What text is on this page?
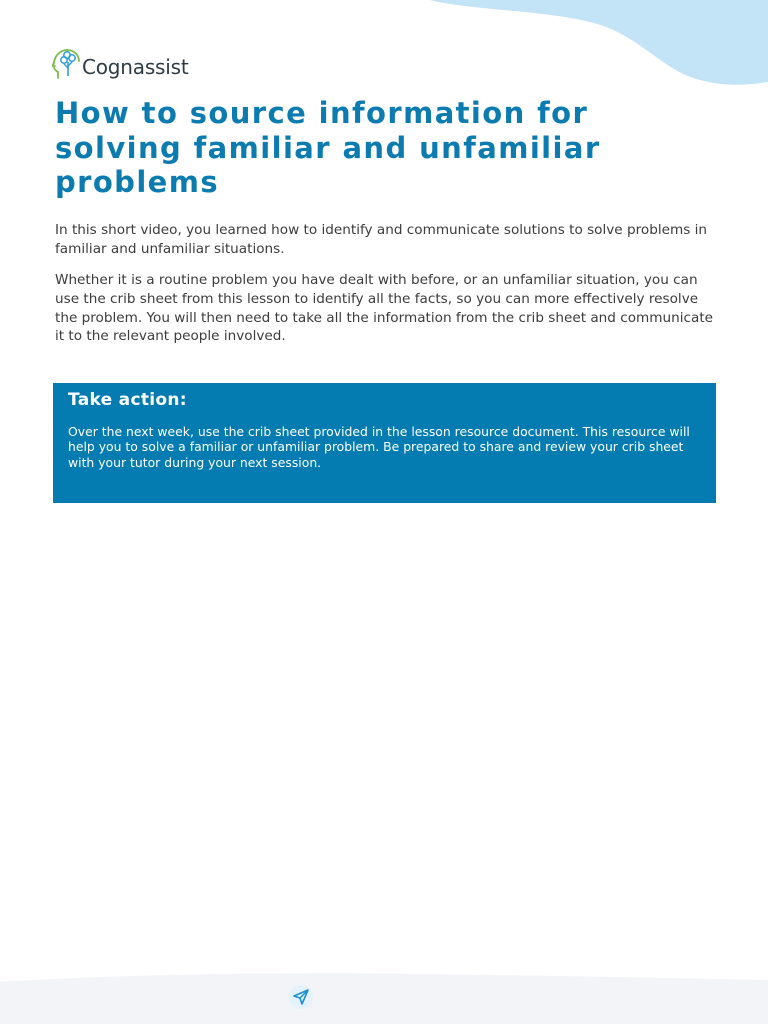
Cognassist
How to source information for solving familiar and unfamiliar problems

In this short video, you learned how to identify and communicate solutions to solve problems in familiar and unfamiliar situations.

Whether it is a routine problem you have dealt with before, or an unfamiliar situation, you can use the crib sheet from this lesson to identify all the facts, so you can more effectively resolve the problem. You will then need to take all the information from the crib sheet and communicate it to the relevant people involved.

Take action:

Over the next week, use the crib sheet provided in the lesson resource document. This resource will help you to solve a familiar or unfamiliar problem. Be prepared to share and review your crib sheet with your tutor during your next session.
